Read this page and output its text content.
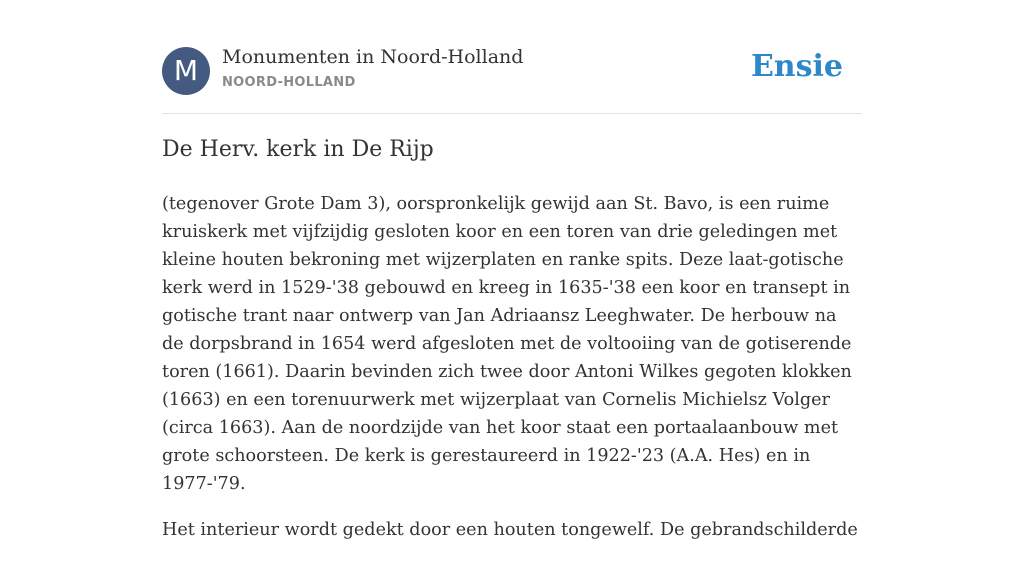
M	Monumenten in Noord-Holland
NOORD-HOLLAND	Ensie
De Herv. kerk in De Rijp

(tegenover Grote Dam 3), oorspronkelijk gewijd aan St. Bavo, is een ruime kruiskerk met vijfzijdig gesloten koor en een toren van drie geledingen met kleine houten bekroning met wijzerplaten en ranke spits. Deze laat-gotische kerk werd in 1529-'38 gebouwd en kreeg in 1635-'38 een koor en transept in gotische trant naar ontwerp van Jan Adriaansz Leeghwater. De herbouw na de dorpsbrand in 1654 werd afgesloten met de voltooiing van de gotiserende toren (1661). Daarin bevinden zich twee door Antoni Wilkes gegoten klokken (1663) en een torenuurwerk met wijzerplaat van Cornelis Michielsz Volger (circa 1663). Aan de noordzijde van het koor staat een portaalaanbouw met grote schoorsteen. De kerk is gerestaureerd in 1922-'23 (A.A. Hes) en in 1977-'79.

Het interieur wordt gedekt door een houten tongewelf. De gebrandschilderde
